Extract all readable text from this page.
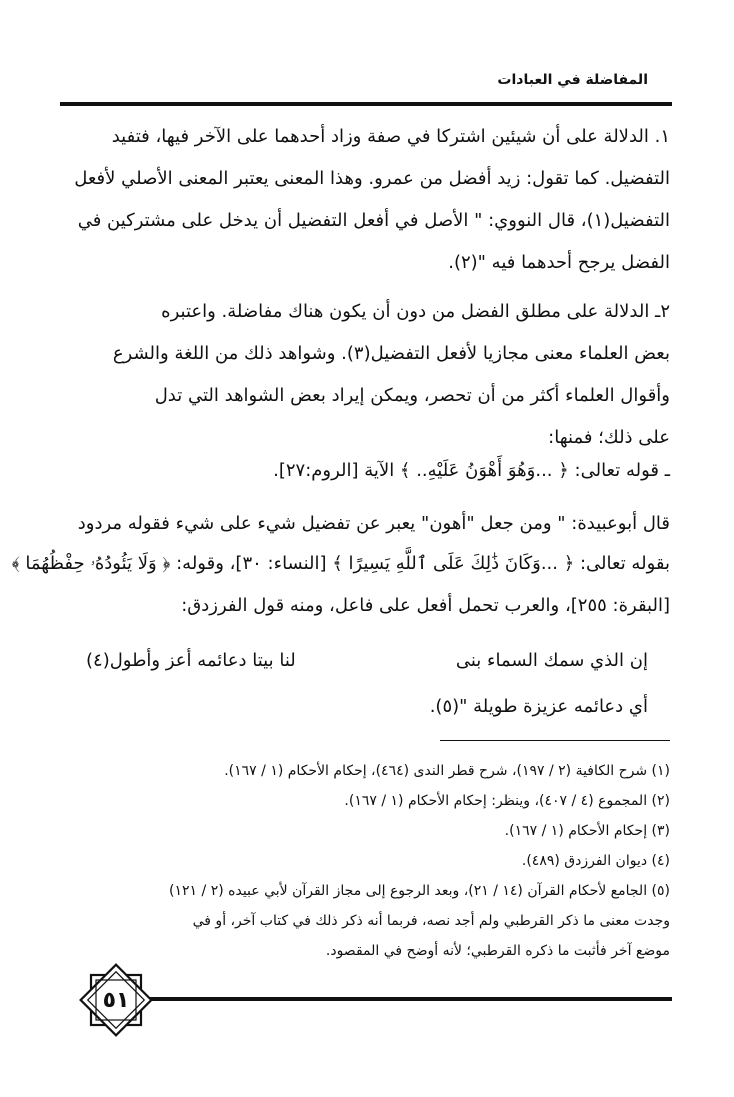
المفاضلة في العبادات
١. الدلالة على أن شيئين اشتركا في صفة وزاد أحدهما على الآخر فيها، فتفيد
التفضيل. كما تقول: زيد أفضل من عمرو. وهذا المعنى يعتبر المعنى الأصلي لأفعل
التفضيل(١)، قال النووي: " الأصل في أفعل التفضيل أن يدخل على مشتركين في
الفضل يرجح أحدهما فيه "(٢).
٢ـ الدلالة على مطلق الفضل من دون أن يكون هناك مفاضلة. واعتبره
بعض العلماء معنى مجازيا لأفعل التفضيل(٣). وشواهد ذلك من اللغة والشرع
وأقوال العلماء أكثر من أن تحصر، ويمكن إيراد بعض الشواهد التي تدل
على ذلك؛ فمنها:
ـ قوله تعالى: ﴿ ...وَهُوَ أَهْوَنُ عَلَيْهِ.. ﴾ الآية [الروم:٢٧].
قال أبوعبيدة: " ومن جعل "أهون" يعبر عن تفضيل شيء على شيء فقوله مردود
بقوله تعالى: ﴿ ...وَكَانَ ذَٰلِكَ عَلَى ٱللَّهِ يَسِيرًا ﴾ [النساء: ٣٠]، وقوله: ﴿ وَلَا يَئُودُهُۥ حِفْظُهُمَا ﴾
[البقرة: ٢٥٥]، والعرب تحمل أفعل على فاعل، ومنه قول الفرزدق:
إن الذي سمك السماء بنى
لنا بيتا دعائمه أعز وأطول(٤)
أي دعائمه عزيزة طويلة "(٥).
(١) شرح الكافية (٢ / ١٩٧)، شرح قطر الندى (٤٦٤)، إحكام الأحكام (١ / ١٦٧).
(٢) المجموع (٤ / ٤٠٧)، وينظر: إحكام الأحكام (١ / ١٦٧).
(٣) إحكام الأحكام (١ / ١٦٧).
(٤) ديوان الفرزدق (٤٨٩).
(٥) الجامع لأحكام القرآن (١٤ / ٢١)، وبعد الرجوع إلى مجاز القرآن لأبي عبيده (٢ / ١٢١)
وجدت معنى ما ذكر القرطبي ولم أجد نصه، فربما أنه ذكر ذلك في كتاب آخر، أو في
موضع آخر فأثبت ما ذكره القرطبي؛ لأنه أوضح في المقصود.
٥١
